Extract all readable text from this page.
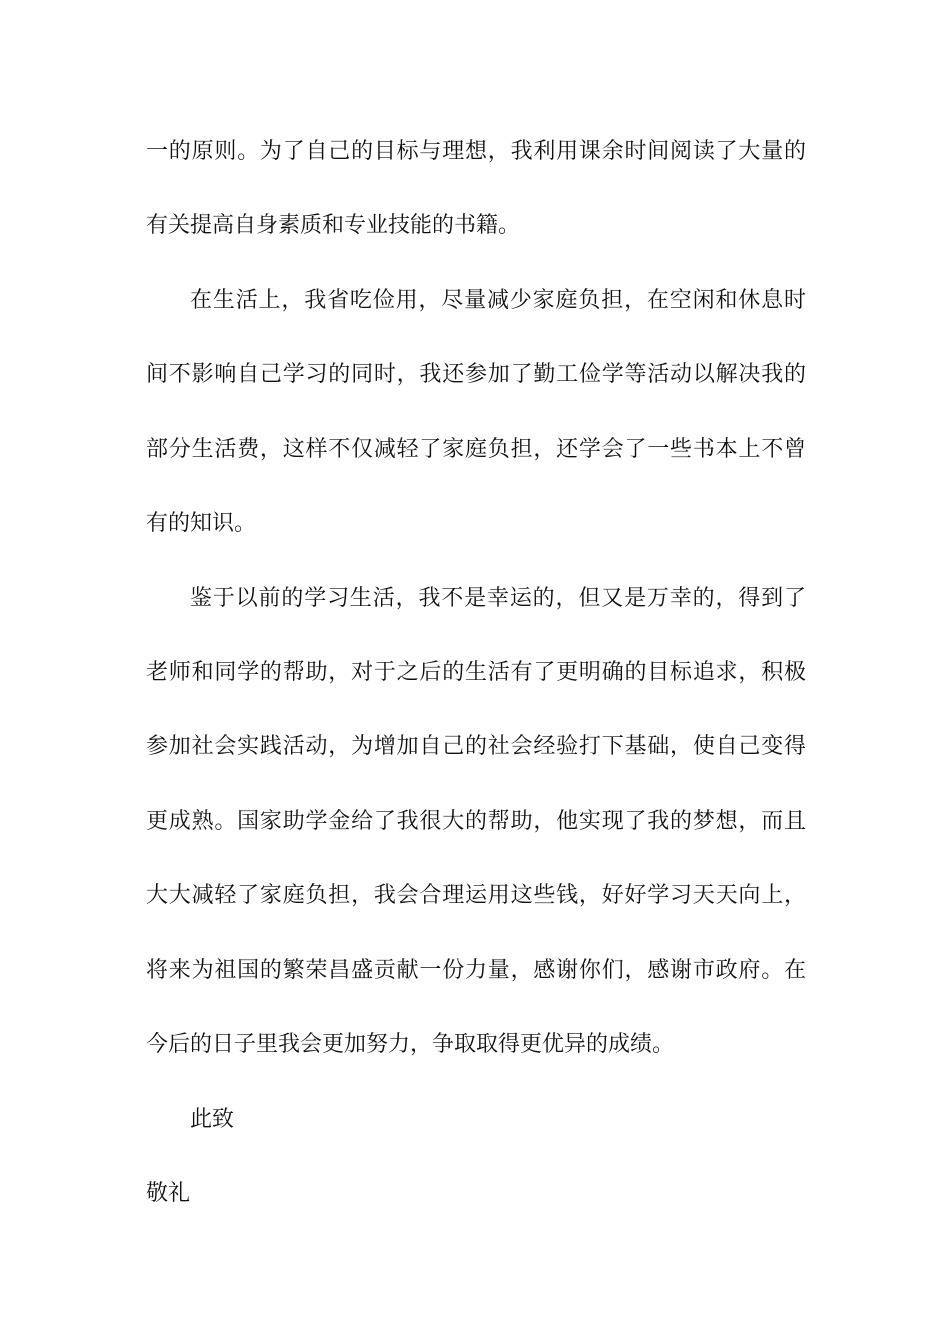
一的原则。为了自己的目标与理想，我利用课余时间阅读了大量的
有关提高自身素质和专业技能的书籍。
在生活上，我省吃俭用，尽量减少家庭负担，在空闲和休息时
间不影响自己学习的同时，我还参加了勤工俭学等活动以解决我的
部分生活费，这样不仅减轻了家庭负担，还学会了一些书本上不曾
有的知识。
鉴于以前的学习生活，我不是幸运的，但又是万幸的，得到了
老师和同学的帮助，对于之后的生活有了更明确的目标追求，积极
参加社会实践活动，为增加自己的社会经验打下基础，使自己变得
更成熟。国家助学金给了我很大的帮助，他实现了我的梦想，而且
大大减轻了家庭负担，我会合理运用这些钱，好好学习天天向上，
将来为祖国的繁荣昌盛贡献一份力量，感谢你们，感谢市政府。在
今后的日子里我会更加努力，争取取得更优异的成绩。
此致
敬礼
